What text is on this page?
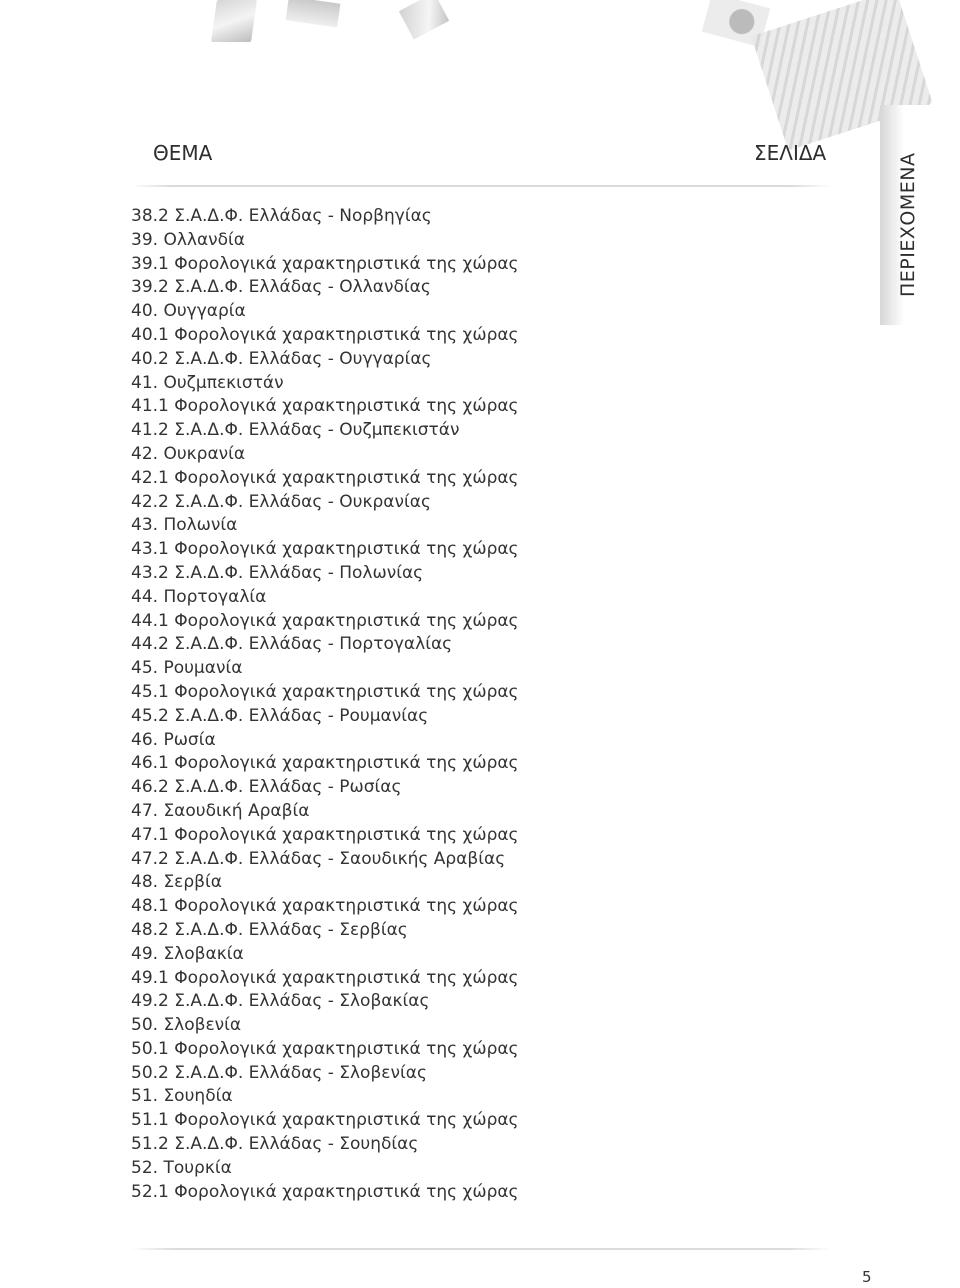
ΘΕΜΑ	ΣΕΛΙΔΑ	ΠΕΡΙΕΧΟΜΕΝΑ
38.2 Σ.Α.Δ.Φ. Ελλάδας - Νορβηγίας
39. Ολλανδία
39.1 Φορολογικά χαρακτηριστικά της χώρας
39.2 Σ.Α.Δ.Φ. Ελλάδας - Ολλανδίας
40. Ουγγαρία
40.1 Φορολογικά χαρακτηριστικά της χώρας
40.2 Σ.Α.Δ.Φ. Ελλάδας - Ουγγαρίας
41. Ουζμπεκιστάν
41.1 Φορολογικά χαρακτηριστικά της χώρας
41.2 Σ.Α.Δ.Φ. Ελλάδας - Ουζμπεκιστάν
42. Ουκρανία
42.1 Φορολογικά χαρακτηριστικά της χώρας
42.2 Σ.Α.Δ.Φ. Ελλάδας - Ουκρανίας
43. Πολωνία
43.1 Φορολογικά χαρακτηριστικά της χώρας
43.2 Σ.Α.Δ.Φ. Ελλάδας - Πολωνίας
44. Πορτογαλία
44.1 Φορολογικά χαρακτηριστικά της χώρας
44.2 Σ.Α.Δ.Φ. Ελλάδας - Πορτογαλίας
45. Ρουμανία
45.1 Φορολογικά χαρακτηριστικά της χώρας
45.2 Σ.Α.Δ.Φ. Ελλάδας - Ρουμανίας
46. Ρωσία
46.1 Φορολογικά χαρακτηριστικά της χώρας
46.2 Σ.Α.Δ.Φ. Ελλάδας - Ρωσίας
47. Σαουδική Αραβία
47.1 Φορολογικά χαρακτηριστικά της χώρας
47.2 Σ.Α.Δ.Φ. Ελλάδας - Σαουδικής Αραβίας
48. Σερβία
48.1 Φορολογικά χαρακτηριστικά της χώρας
48.2 Σ.Α.Δ.Φ. Ελλάδας - Σερβίας
49. Σλοβακία
49.1 Φορολογικά χαρακτηριστικά της χώρας
49.2 Σ.Α.Δ.Φ. Ελλάδας - Σλοβακίας
50. Σλοβενία
50.1 Φορολογικά χαρακτηριστικά της χώρας
50.2 Σ.Α.Δ.Φ. Ελλάδας - Σλοβενίας
51. Σουηδία
51.1 Φορολογικά χαρακτηριστικά της χώρας
51.2 Σ.Α.Δ.Φ. Ελλάδας - Σουηδίας
52. Τουρκία
52.1 Φορολογικά χαρακτηριστικά της χώρας
5
